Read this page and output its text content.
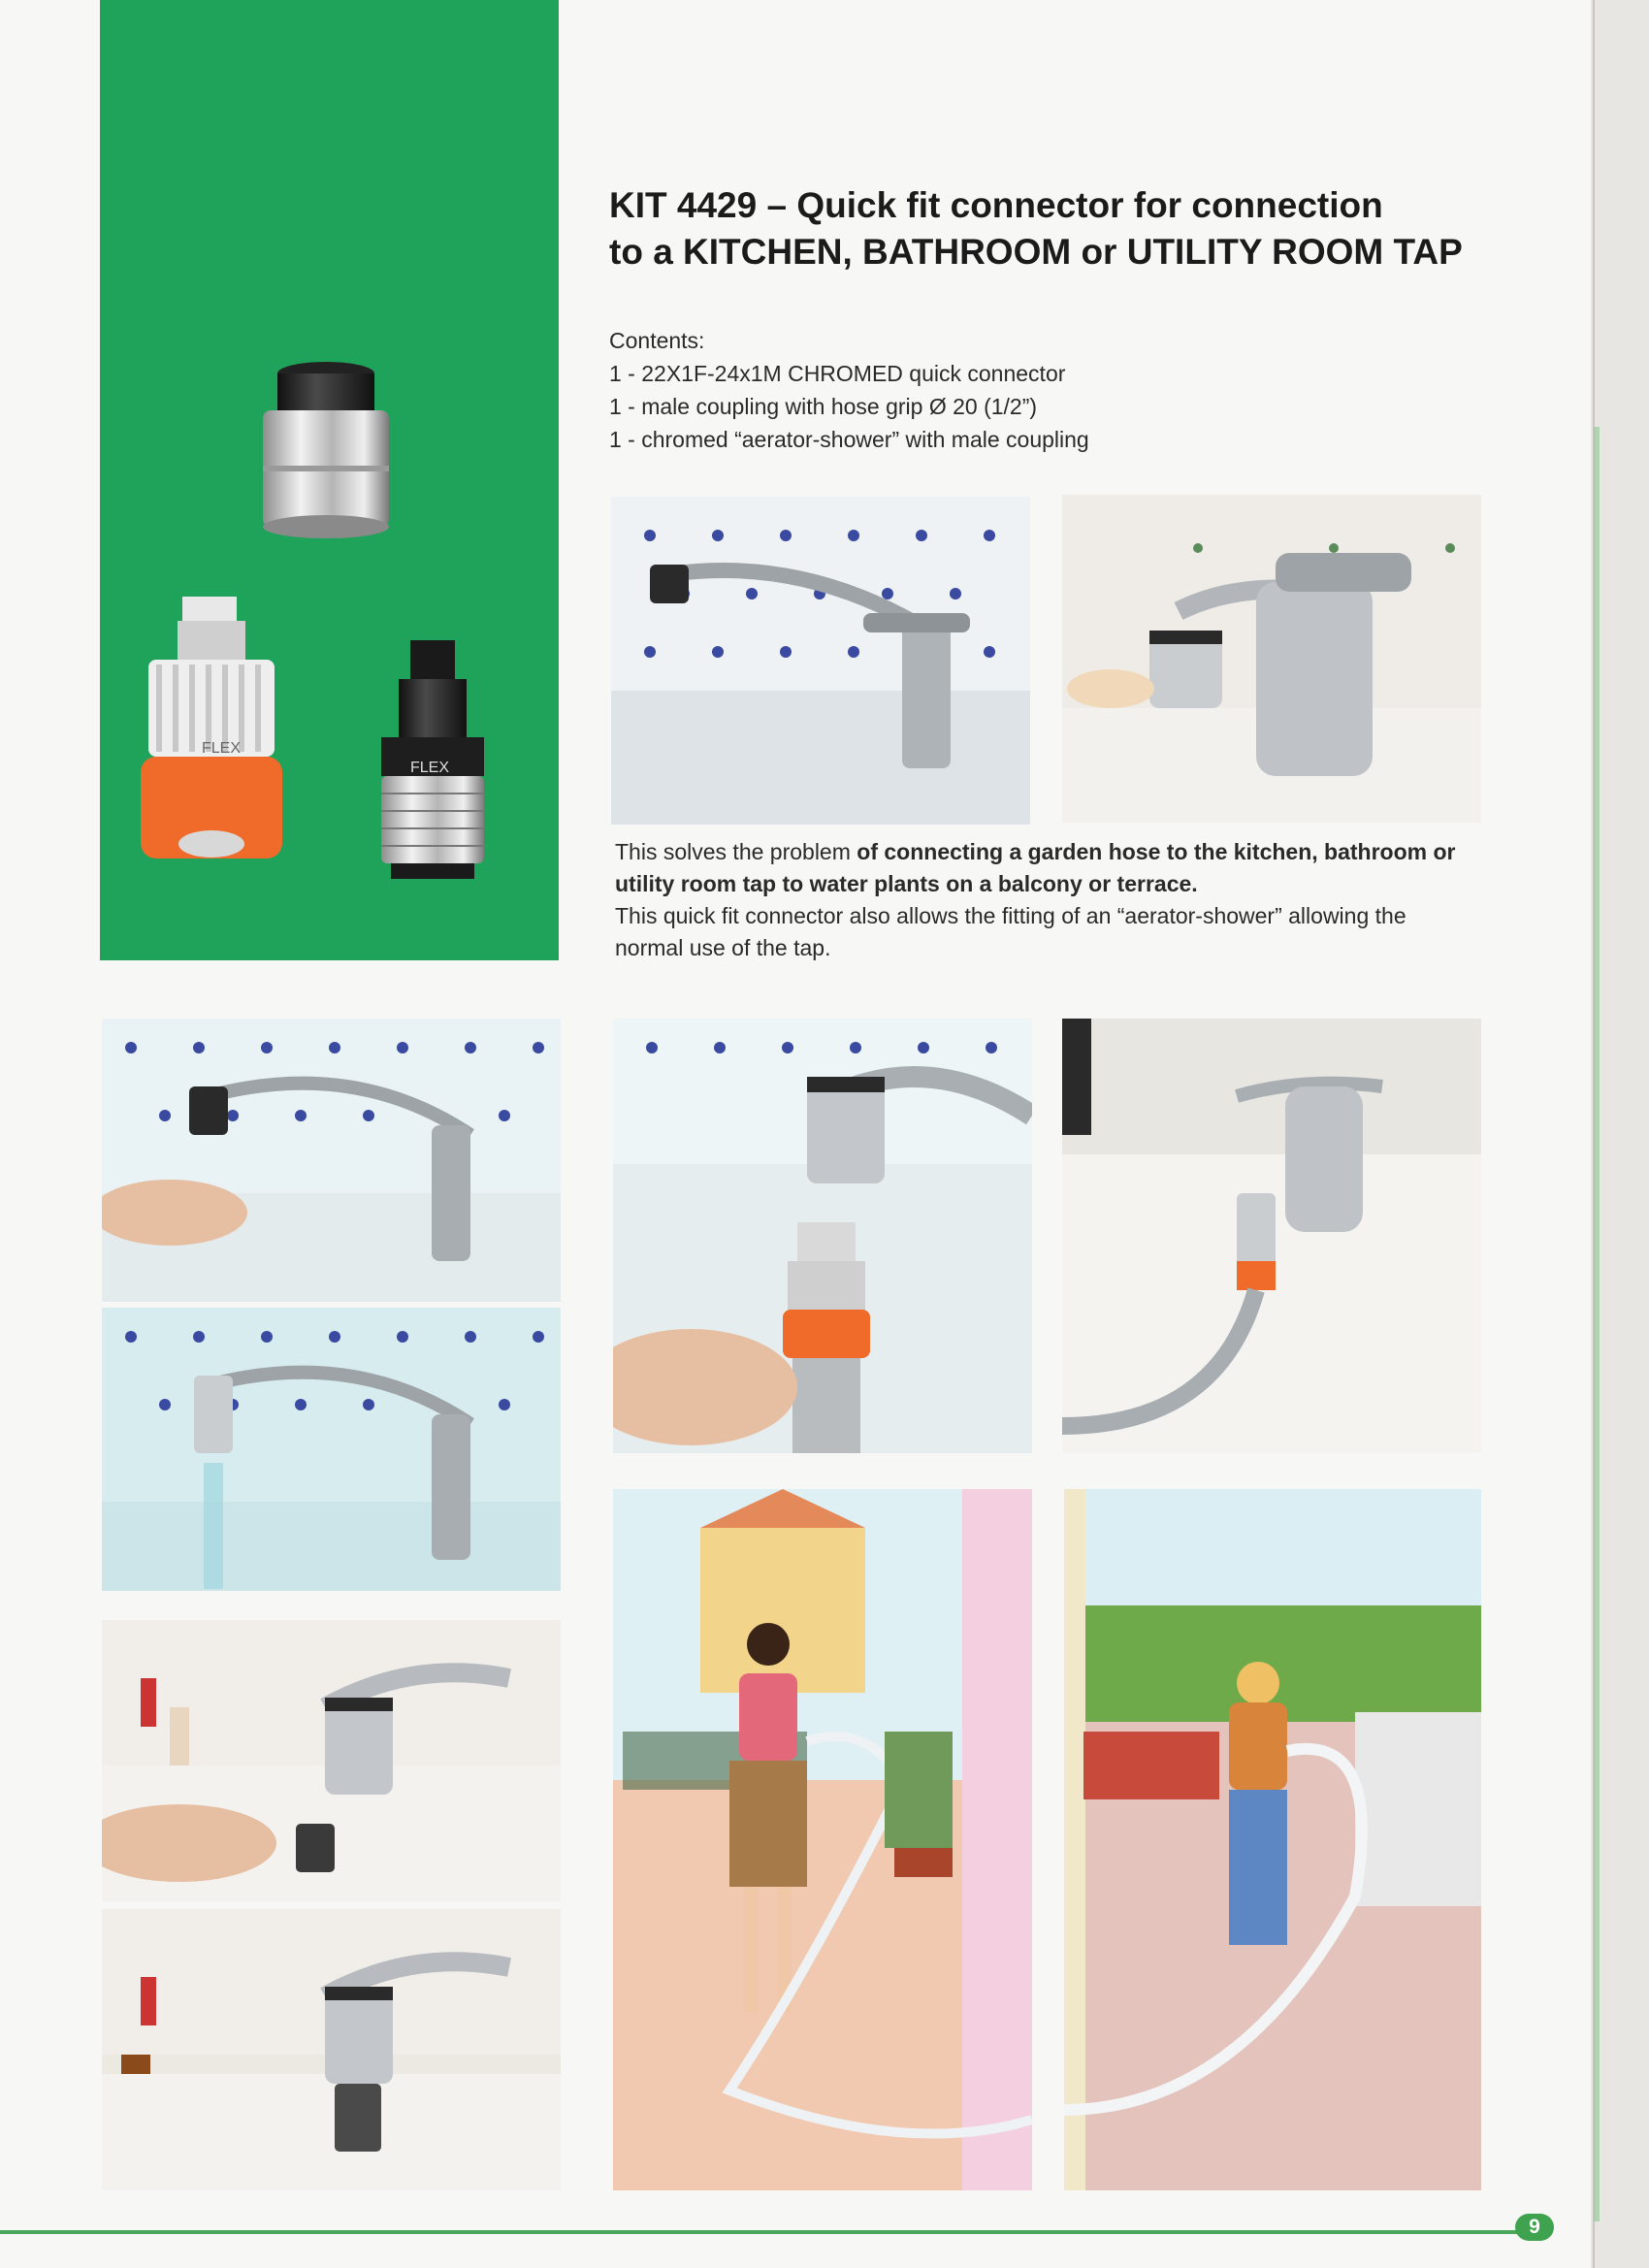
FLEX
FLEX
KIT 4429 – Quick fit connector for connection
to a KITCHEN, BATHROOM or UTILITY ROOM TAP
Contents:
1 - 22X1F-24x1M CHROMED quick connector
1 - male coupling with hose grip Ø 20 (1/2”)
1 - chromed “aerator-shower” with male coupling
This solves the problem of connecting a garden hose to the kitchen, bathroom or utility room tap to water plants on a balcony or terrace.
This quick fit connector also allows the fitting of an “aerator-shower” allowing the normal use of the tap.
9
